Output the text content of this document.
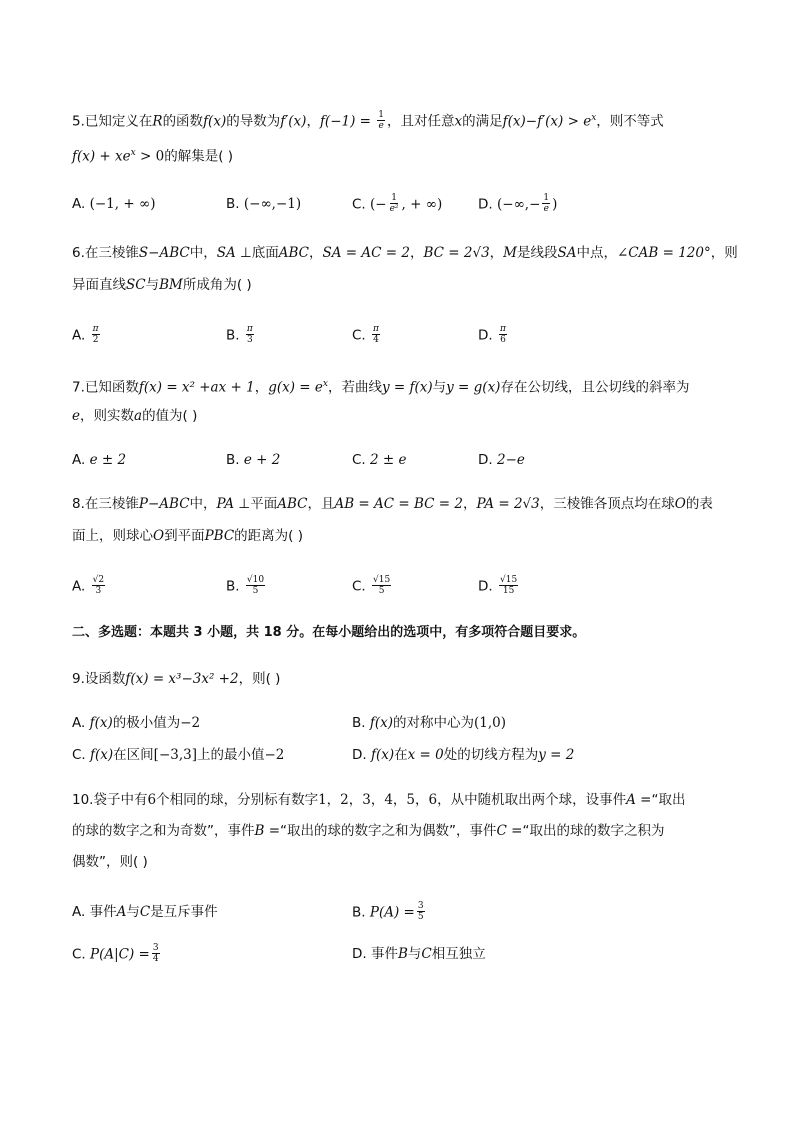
5.已知定义在R的函数f(x)的导数为f′(x)，$f(-1) = \frac{1}{e}$ ，且对任意x的满足$f(x)-f'(x) > e^x$，则不等式
$f(x) + xe^x > 0$的解集是( )
A. (−1, + ∞)	B. (−∞,−1)	C. (− $\frac{1}{\text{e²}}$ , + ∞)	D. (−∞,− $\frac{1}{e}$ )
6.在三棱锥S−ABC中，SA ⊥底面ABC，SA = AC = 2，BC = 2√3，M是线段SA中点，∠CAB = 120°，则
异面直线SC与BM所成角为( )
A. $\frac{\pi}{2}$	B. $\frac{\pi}{3}$	C. $\frac{\pi}{4}$	D. $\frac{\pi}{6}$
7.已知函数f(x) = x² +ax + 1，$g(x) = e^x$，若曲线y = f(x)与y = g(x)存在公切线，且公切线的斜率为
e，则实数a的值为( )
A. e ± 2	B. e + 2	C. 2 ± e	D. 2−e
8.在三棱锥P−ABC中，PA ⊥平面ABC，且AB = AC = BC = 2，PA = 2√3，三棱锥各顶点均在球O的表
面上，则球心O到平面PBC的距离为( )
A. $\frac{√2}{3}$	B. $\frac{√10}{5}$	C. $\frac{√15}{5}$	D. $\frac{√15}{15}$
二、多选题：本题共 3 小题，共 18 分。在每小题给出的选项中，有多项符合题目要求。
9.设函数f(x) = x³−3x² +2，则( )
A. f(x)的极小值为−2	B. f(x)的对称中心为(1,0)
C. f(x)在区间[−3,3]上的最小值−2	D. f(x)在x = 0处的切线方程为y = 2
10.袋子中有6个相同的球，分别标有数字1，2，3，4，5，6，从中随机取出两个球，设事件A =“取出
的球的数字之和为奇数”，事件B =“取出的球的数字之和为偶数”，事件C =“取出的球的数字之积为
偶数”，则( )
A. 事件A与C是互斥事件	B. $P(A) = \frac{3}{5}$
C. $P(A|C) = \frac{3}{4}$	D. 事件B与C相互独立
